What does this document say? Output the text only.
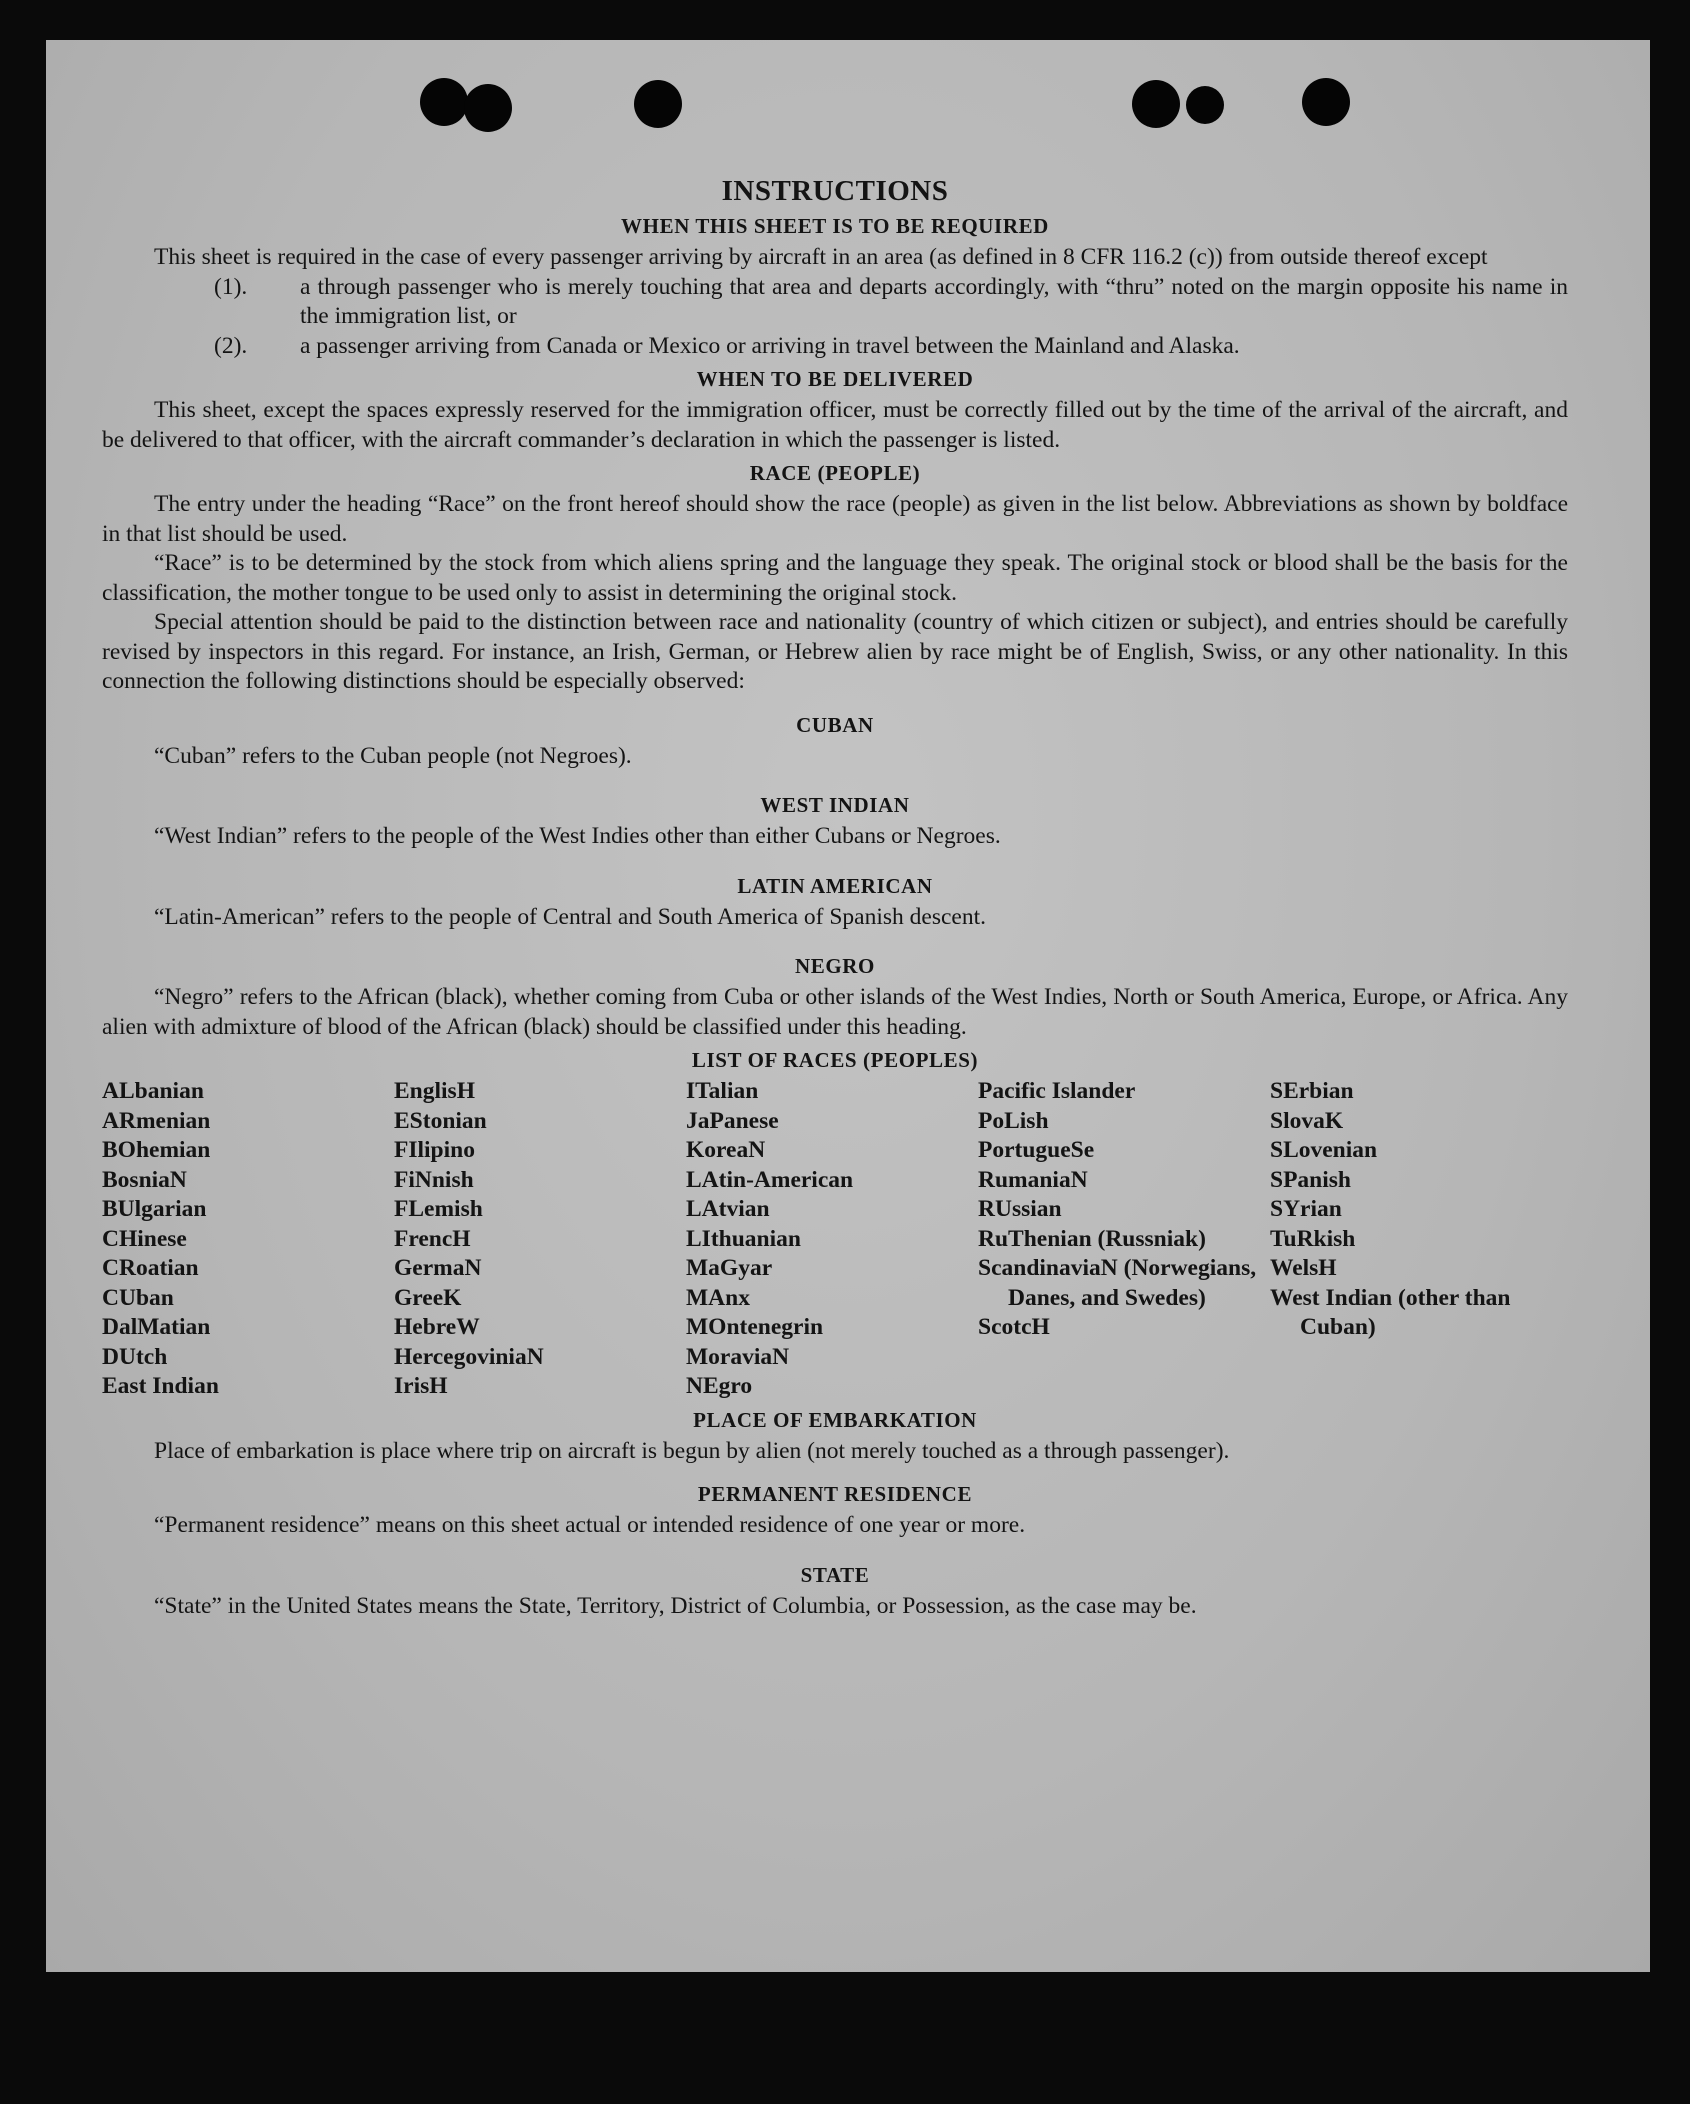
INSTRUCTIONS
WHEN THIS SHEET IS TO BE REQUIRED

This sheet is required in the case of every passenger arriving by aircraft in an area (as defined in 8 CFR 116.2 (c)) from outside thereof except

(1).	a through passenger who is merely touching that area and departs accordingly, with “thru” noted on the margin opposite his name in the immigration list, or
(2).	a passenger arriving from Canada or Mexico or arriving in travel between the Mainland and Alaska.
WHEN TO BE DELIVERED

This sheet, except the spaces expressly reserved for the immigration officer, must be correctly filled out by the time of the arrival of the aircraft, and be delivered to that officer, with the aircraft commander’s declaration in which the passenger is listed.

RACE (PEOPLE)

The entry under the heading “Race” on the front hereof should show the race (people) as given in the list below. Abbreviations as shown by boldface in that list should be used.

“Race” is to be determined by the stock from which aliens spring and the language they speak. The original stock or blood shall be the basis for the classification, the mother tongue to be used only to assist in determining the original stock.

Special attention should be paid to the distinction between race and nationality (country of which citizen or subject), and entries should be carefully revised by inspectors in this regard. For instance, an Irish, German, or Hebrew alien by race might be of English, Swiss, or any other nationality. In this connection the following distinctions should be especially observed:

CUBAN

“Cuban” refers to the Cuban people (not Negroes).

WEST INDIAN

“West Indian” refers to the people of the West Indies other than either Cubans or Negroes.

LATIN AMERICAN

“Latin-American” refers to the people of Central and South America of Spanish descent.

NEGRO

“Negro” refers to the African (black), whether coming from Cuba or other islands of the West Indies, North or South America, Europe, or Africa. Any alien with admixture of blood of the African (black) should be classified under this heading.

LIST OF RACES (PEOPLES)
ALbanian
ARmenian
BOhemian
BosniaN
BUlgarian
CHinese
CRoatian
CUban
DalMatian
DUtch
East Indian
EnglisH
EStonian
FIlipino
FiNnish
FLemish
FrencH
GermaN
GreeK
HebreW
HercegoviniaN
IrisH
ITalian
JaPanese
KoreaN
LAtin-American
LAtvian
LIthuanian
MaGyar
MAnx
MOntenegrin
MoraviaN
NEgro
Pacific Islander
PoLish
PortugueSe
RumaniaN
RUssian
RuThenian (Russniak)
ScandinaviaN (Norwegians, Danes, and Swedes)
ScotcH
SErbian
SlovaK
SLovenian
SPanish
SYrian
TuRkish
WelsH
West Indian (other than Cuban)
PLACE OF EMBARKATION

Place of embarkation is place where trip on aircraft is begun by alien (not merely touched as a through passenger).

PERMANENT RESIDENCE

“Permanent residence” means on this sheet actual or intended residence of one year or more.

STATE

“State” in the United States means the State, Territory, District of Columbia, or Possession, as the case may be.
